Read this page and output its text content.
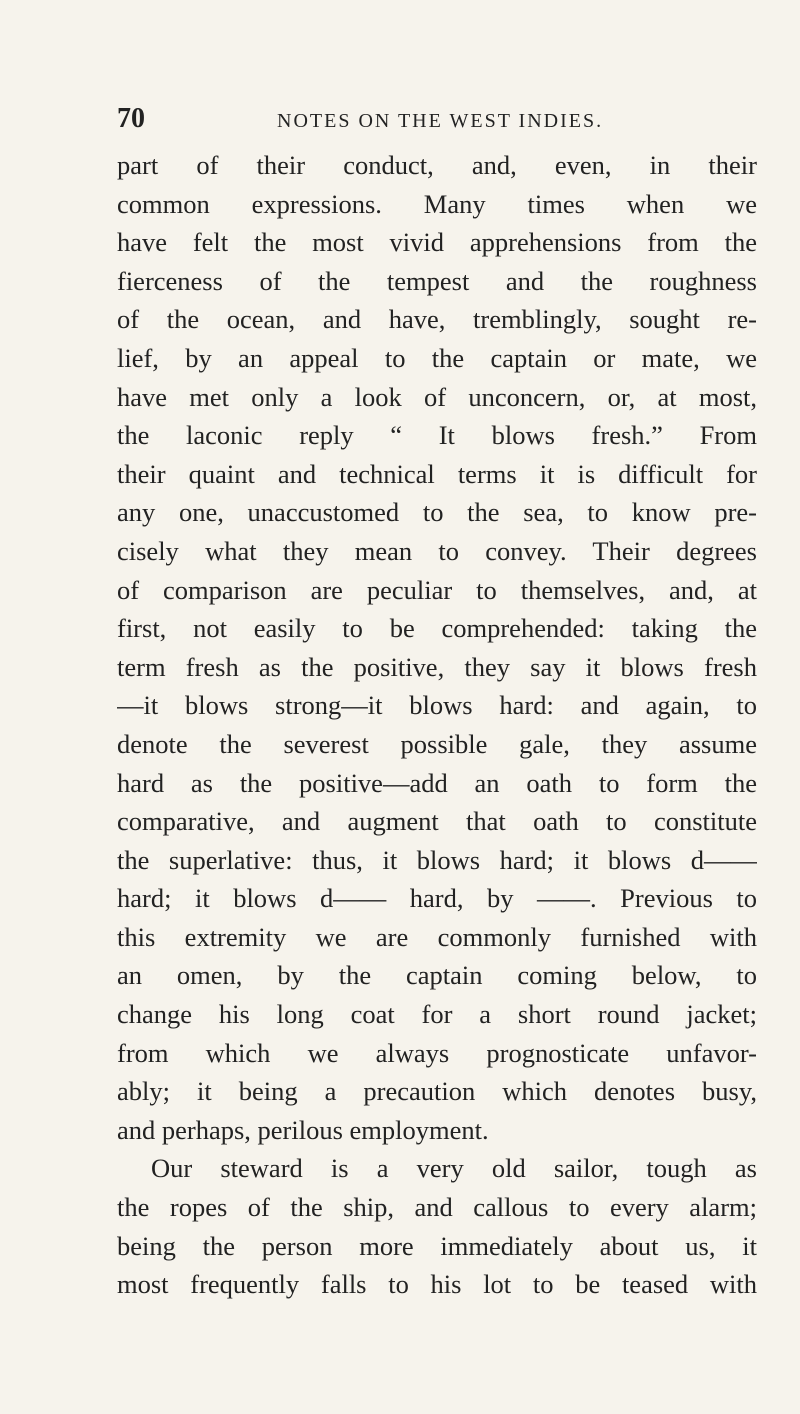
70	NOTES ON THE WEST INDIES.
part of their conduct, and, even, in their
common expressions. Many times when we
have felt the most vivid apprehensions from the
fierceness of the tempest and the roughness
of the ocean, and have, tremblingly, sought re-
lief, by an appeal to the captain or mate, we
have met only a look of unconcern, or, at most,
the laconic reply “ It blows fresh.” From
their quaint and technical terms it is difficult for
any one, unaccustomed to the sea, to know pre-
cisely what they mean to convey. Their degrees
of comparison are peculiar to themselves, and, at
first, not easily to be comprehended: taking the
term fresh as the positive, they say it blows fresh
—it blows strong—it blows hard: and again, to
denote the severest possible gale, they assume
hard as the positive—add an oath to form the
comparative, and augment that oath to constitute
the superlative: thus, it blows hard; it blows d——
hard; it blows d—— hard, by ——. Previous to
this extremity we are commonly furnished with
an omen, by the captain coming below, to
change his long coat for a short round jacket;
from which we always prognosticate unfavor-
ably; it being a precaution which denotes busy,
and perhaps, perilous employment.
Our steward is a very old sailor, tough as
the ropes of the ship, and callous to every alarm;
being the person more immediately about us, it
most frequently falls to his lot to be teased with
